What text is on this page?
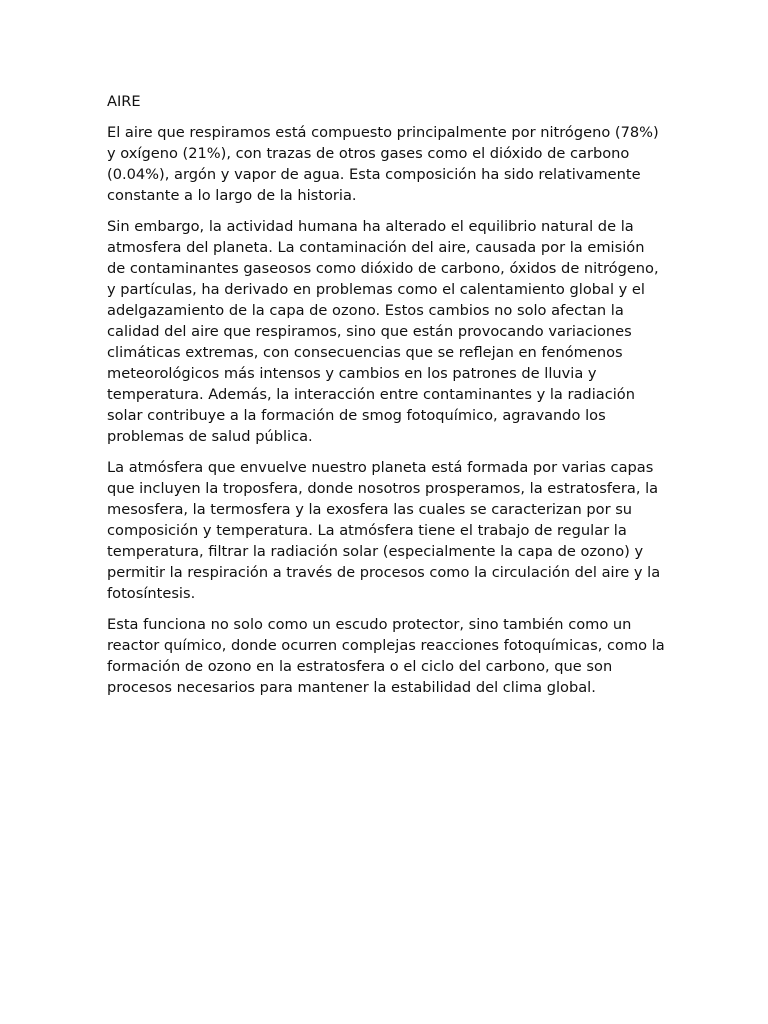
AIRE

El aire que respiramos está compuesto principalmente por nitrógeno (78%) y oxígeno (21%), con trazas de otros gases como el dióxido de carbono (0.04%), argón y vapor de agua. Esta composición ha sido relativamente constante a lo largo de la historia.

Sin embargo, la actividad humana ha alterado el equilibrio natural de la atmosfera del planeta. La contaminación del aire, causada por la emisión de contaminantes gaseosos como dióxido de carbono, óxidos de nitrógeno, y partículas, ha derivado en problemas como el calentamiento global y el adelgazamiento de la capa de ozono. Estos cambios no solo afectan la calidad del aire que respiramos, sino que están provocando variaciones climáticas extremas, con consecuencias que se reflejan en fenómenos meteorológicos más intensos y cambios en los patrones de lluvia y temperatura. Además, la interacción entre contaminantes y la radiación solar contribuye a la formación de smog fotoquímico, agravando los problemas de salud pública.

La atmósfera que envuelve nuestro planeta está formada por varias capas que incluyen la troposfera, donde nosotros prosperamos, la estratosfera, la mesosfera, la termosfera y la exosfera las cuales se caracterizan por su composición y temperatura. La atmósfera tiene el trabajo de regular la temperatura, filtrar la radiación solar (especialmente la capa de ozono) y permitir la respiración a través de procesos como la circulación del aire y la fotosíntesis.

Esta funciona no solo como un escudo protector, sino también como un reactor químico, donde ocurren complejas reacciones fotoquímicas, como la formación de ozono en la estratosfera o el ciclo del carbono, que son procesos necesarios para mantener la estabilidad del clima global.
